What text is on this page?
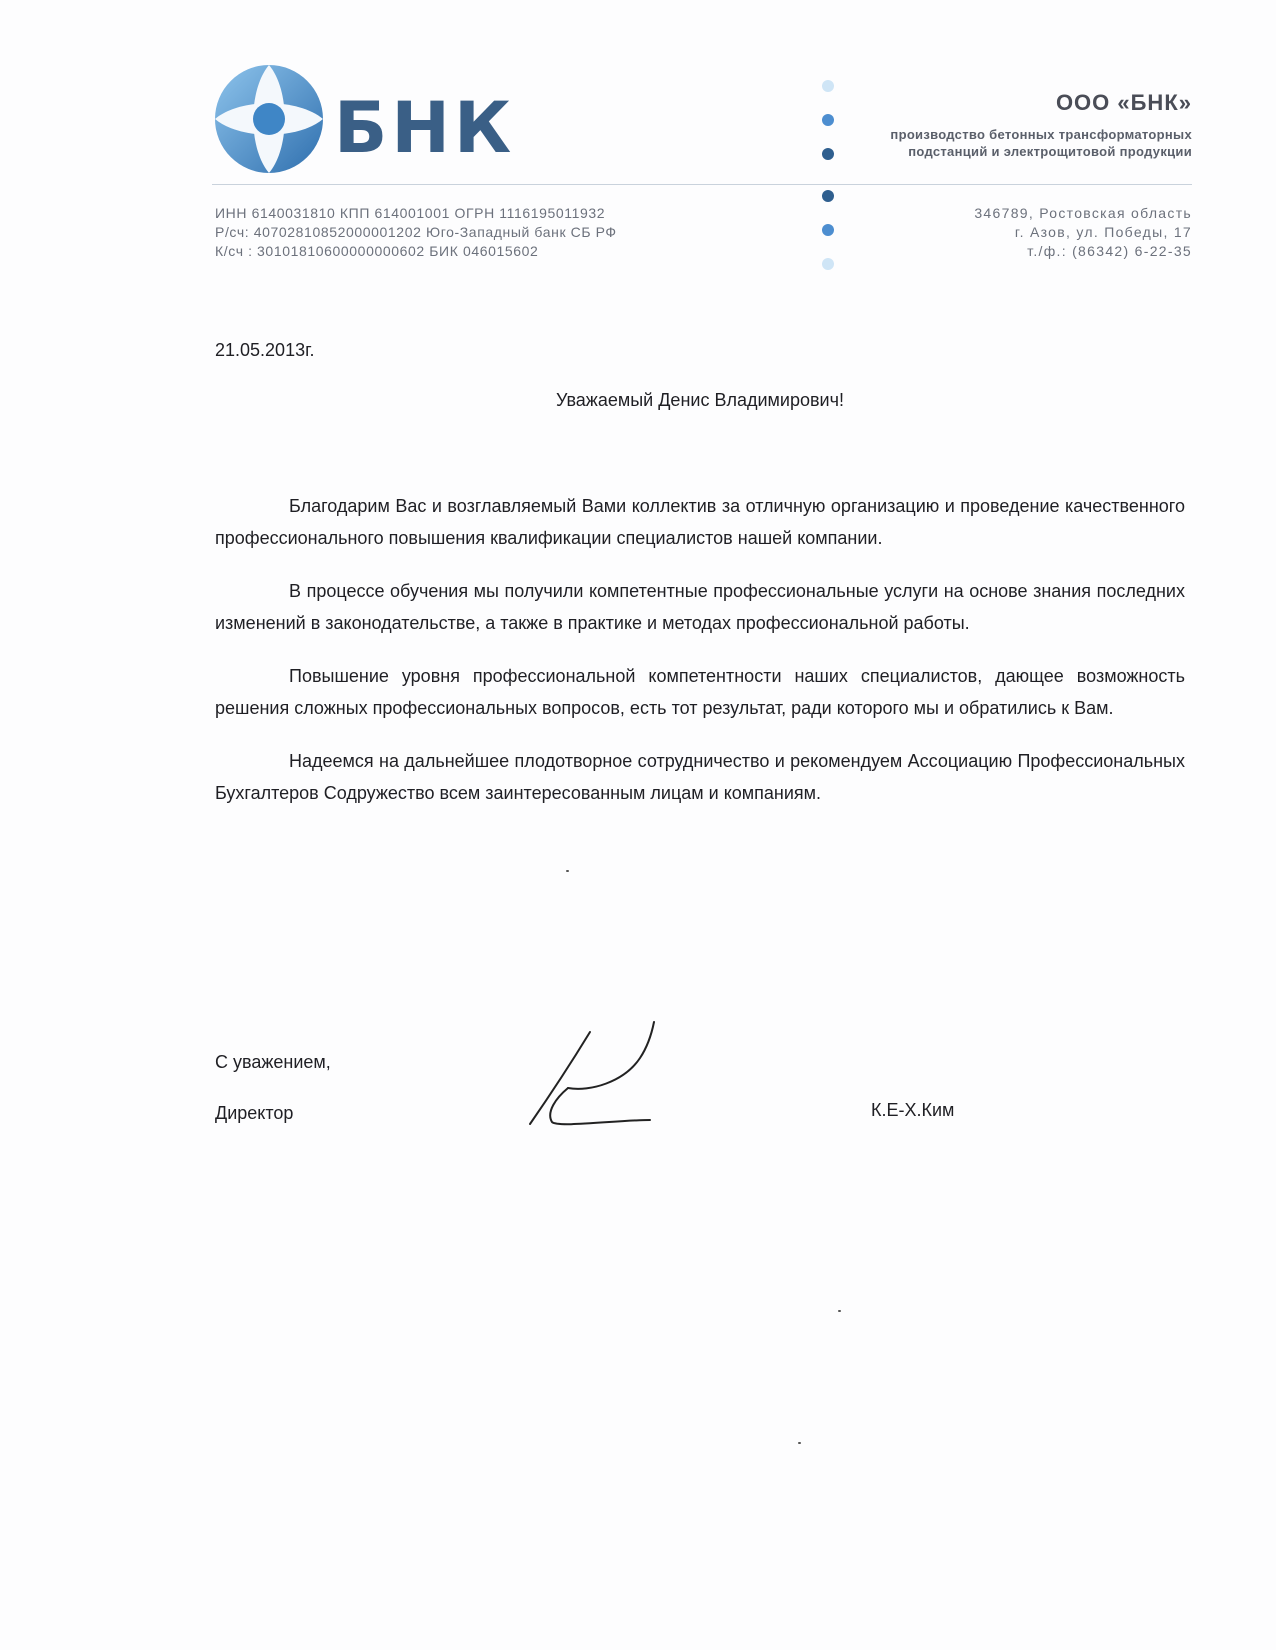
БНК	ООО «БНК»
производство бетонных трансформаторных
подстанций и электрощитовой продукции
ИНН 6140031810 КПП 614001001 ОГРН 1116195011932
Р/сч: 40702810852000001202 Юго-Западный банк СБ РФ
К/сч : 30101810600000000602 БИК 046015602
346789, Ростовская область
г. Азов, ул. Победы, 17
т./ф.: (86342) 6-22-35
21.05.2013г.
Уважаемый Денис Владимирович!

Благодарим Вас и возглавляемый Вами коллектив за отличную организацию и проведение качественного профессионального повышения квалификации специалистов нашей компании.

В процессе обучения мы получили компетентные профессиональные услуги на основе знания последних изменений в законодательстве, а также в практике и методах профессиональной работы.

Повышение уровня профессиональной компетентности наших специалистов, дающее возможность решения сложных профессиональных вопросов, есть тот результат, ради которого мы и обратились к Вам.

Надеемся на дальнейшее плодотворное сотрудничество и рекомендуем Ассоциацию Профессиональных Бухгалтеров Содружество всем заинтересованным лицам и компаниям.

С уважением,
Директор	К.Е-Х.Ким
